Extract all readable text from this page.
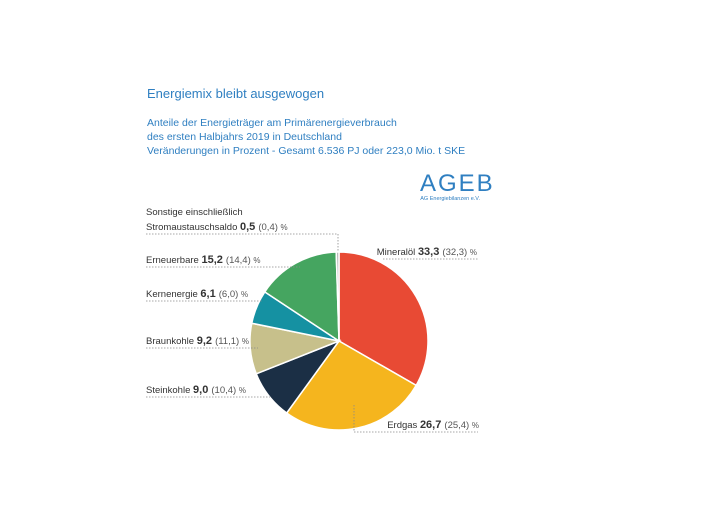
Energiemix bleibt ausgewogen
Anteile der Energieträger am Primärenergieverbrauch
des ersten Halbjahrs 2019 in Deutschland
Veränderungen in Prozent - Gesamt 6.536 PJ oder 223,0 Mio. t SKE
AGEB
AG Energiebilanzen e.V.
Mineralöl 33,3 (32,3) %
Erdgas 26,7 (25,4) %
Steinkohle 9,0 (10,4) %
Braunkohle 9,2 (11,1) %
Kernenergie 6,1 (6,0) %
Erneuerbare 15,2 (14,4) %
Sonstige einschließlich
Stromaustauschsaldo 0,5 (0,4) %
